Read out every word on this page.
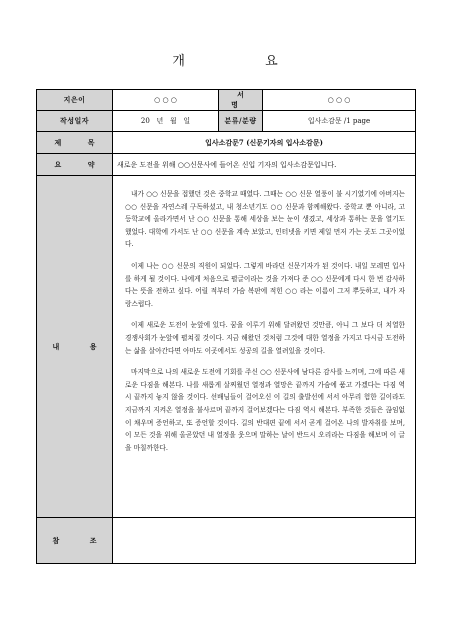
개 요
지은이	○ ○ ○	서 명	○ ○ ○
작성일자	20   년   월   일	분류/분량	입사소감문 /1 page
제 목	입사소감문7 (신문기자의 입사소감문)		
요 약	새로운 도전을 위해 ○○신문사에 들어온 신입 기자의 입사소감문입니다.		
내 용	내가 ○○ 신문을 접했던 것은 중학교 때였다. 그때는 ○○ 신문 열풍이 불 시기였기에 아버지는 ○○ 신문을 자연스레 구독하셨고, 내 청소년기도 ○○ 신문과 함께해왔다. 중학교 뿐 아니라, 고등학교에 올라가면서 난 ○○ 신문을 통해 세상을 보는 눈이 생겼고, 세상과 통하는 문을 열기도 했었다. 대학에 가서도 난 ○○ 신문을 계속 보았고, 인터넷을 키면 제일 먼저 가는 곳도 그곳이었다.

이제 나는 ○○ 신문의 직원이 되었다. 그렇게 바라던 신문기자가 된 것이다. 내일 모레면 입사를 하게 될 것이다. 나에게 처음으로 펼글이라는 것을 가져다 준 ○○ 신문에게 다시 한 번 감사하다는 뜻을 전하고 싶다. 어릴 적부터 가슴 복판에 적힌 ○○ 라는 이름이 그저 뿌듯하고, 내가 자랑스럽다.

이제 새로운 도전이 눈앞에 있다. 꿈을 이루기 위해 달려왔던 것만큼, 아니 그 보다 더 치열한 경쟁사회가 눈앞에 펼쳐질 것이다. 지금 해왔던 것처럼 그것에 대한 열정을 가지고 다시금 도전하는 삶을 살아간다면 아마도 이곳에서도 성공의 길을 열려있을 것이다.

마지막으로 나의 새로운 도전에 기회를 주신 ○○ 신문사에 남다른 감사를 느끼며, 그에 따른 새로운 다짐을 해본다. 나를 새롭게 살찌웠던 열정과 열망은 끝까지 가슴에 품고 가겠다는 다짐 역시 끝까지 놓지 않을 것이다. 선배님들이 걸어오신 이 길의 출발선에 서서 아무리 험한 길이라도 지금까지 지켜온 열정을 불사르며 끝까지 걸어보겠다는 다짐 역시 해본다. 부족한 것들은 끊임없이 채우며 증언하고, 또 증언할 것이다. 길의 반대편 끝에 서서 곧게 걸어온 나의 발자취를 보며, 이 모든 것을 위해 올곧았던 내 열정을 웃으며 말하는 날이 반드시 오리라는 다짐을 해보며 이 글을 마칠까한다.		

참 조			
